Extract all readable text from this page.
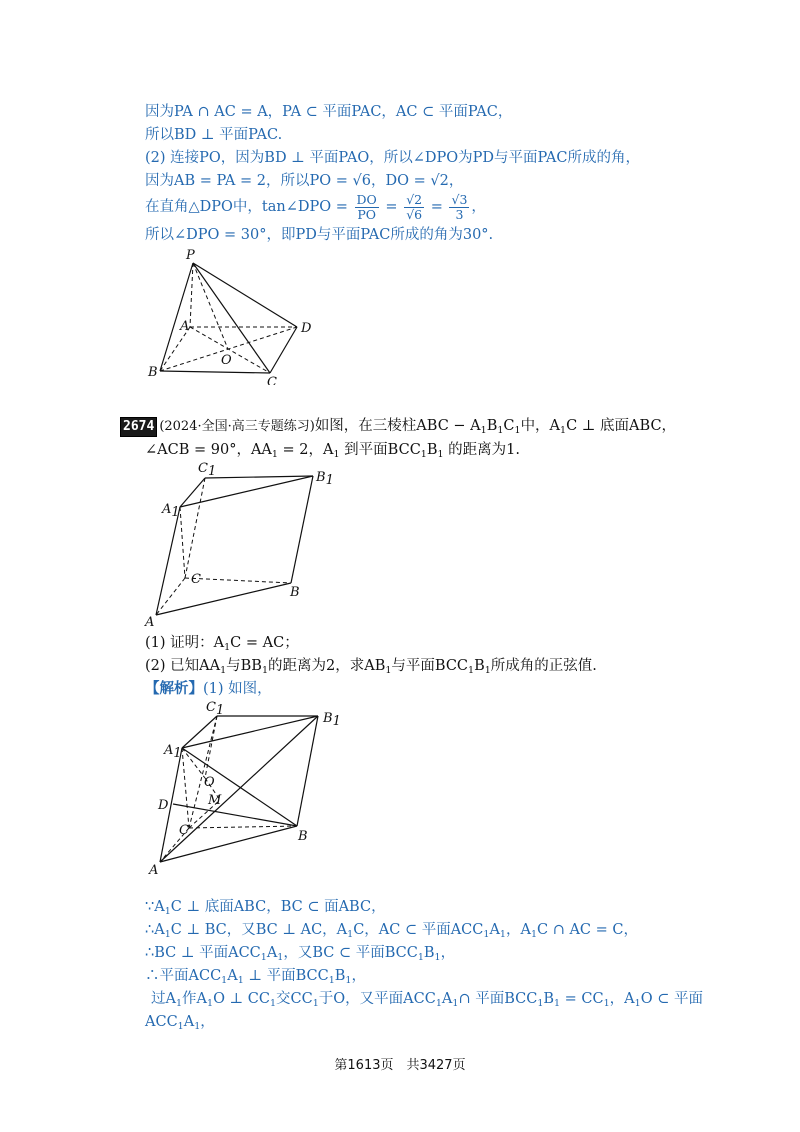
因为PA ∩ AC = A，PA ⊂ 平面PAC，AC ⊂ 平面PAC，
所以BD ⊥ 平面PAC.
(2) 连接PO，因为BD ⊥ 平面PAO，所以∠DPO为PD与平面PAC所成的角，
因为AB = PA = 2，所以PO = √6，DO = √2，
在直角△DPO中，tan∠DPO = $\frac{DO}{PO} = \frac{√2}{√6} = \frac{√3}{3}$ ，
所以∠DPO = 30°，即PD与平面PAC所成的角为30°.
P
A	D
O
B
C
2674 (2024·全国·高三专题练习)如图，在三棱柱ABC − $A_1B_1C_1$中，$A_1C$ ⊥ 底面ABC，
∠ACB = 90°，$AA_1 = 2$，$A_1$ 到平面$BCC_1B_1$ 的距离为1.
C1	B1
A1
C
B
A
(1) 证明：$A_1C$ = AC；
(2) 已知$AA_1$与$BB_1$的距离为2，求$AB_1$与平面$BCC_1B_1$所成角的正弦值.
【解析】(1) 如图，
C1
B1
A1
O
M
D
C	B
A
$\because A_1C$ ⊥ 底面ABC，BC ⊂ 面ABC，
$\therefore A_1C$ ⊥ BC，又BC ⊥ AC，$A_1C$，AC ⊂ 平面$ACC_1A_1$，$A_1C$ ∩ AC = C，
∴BC ⊥ 平面$ACC_1A_1$，又BC ⊂ 平面$BCC_1B_1$，
∴平面$ACC_1A_1$ ⊥ 平面$BCC_1B_1$，
过$A_1$作$A_1O$ ⊥ $CC_1$交$CC_1$于O，又平面$ACC_1A_1\cap$ 平面$BCC_1B_1 = CC_1$，$A_1O$ ⊂ 平面
$ACC_1A_1$，
第1613页　共3427页
